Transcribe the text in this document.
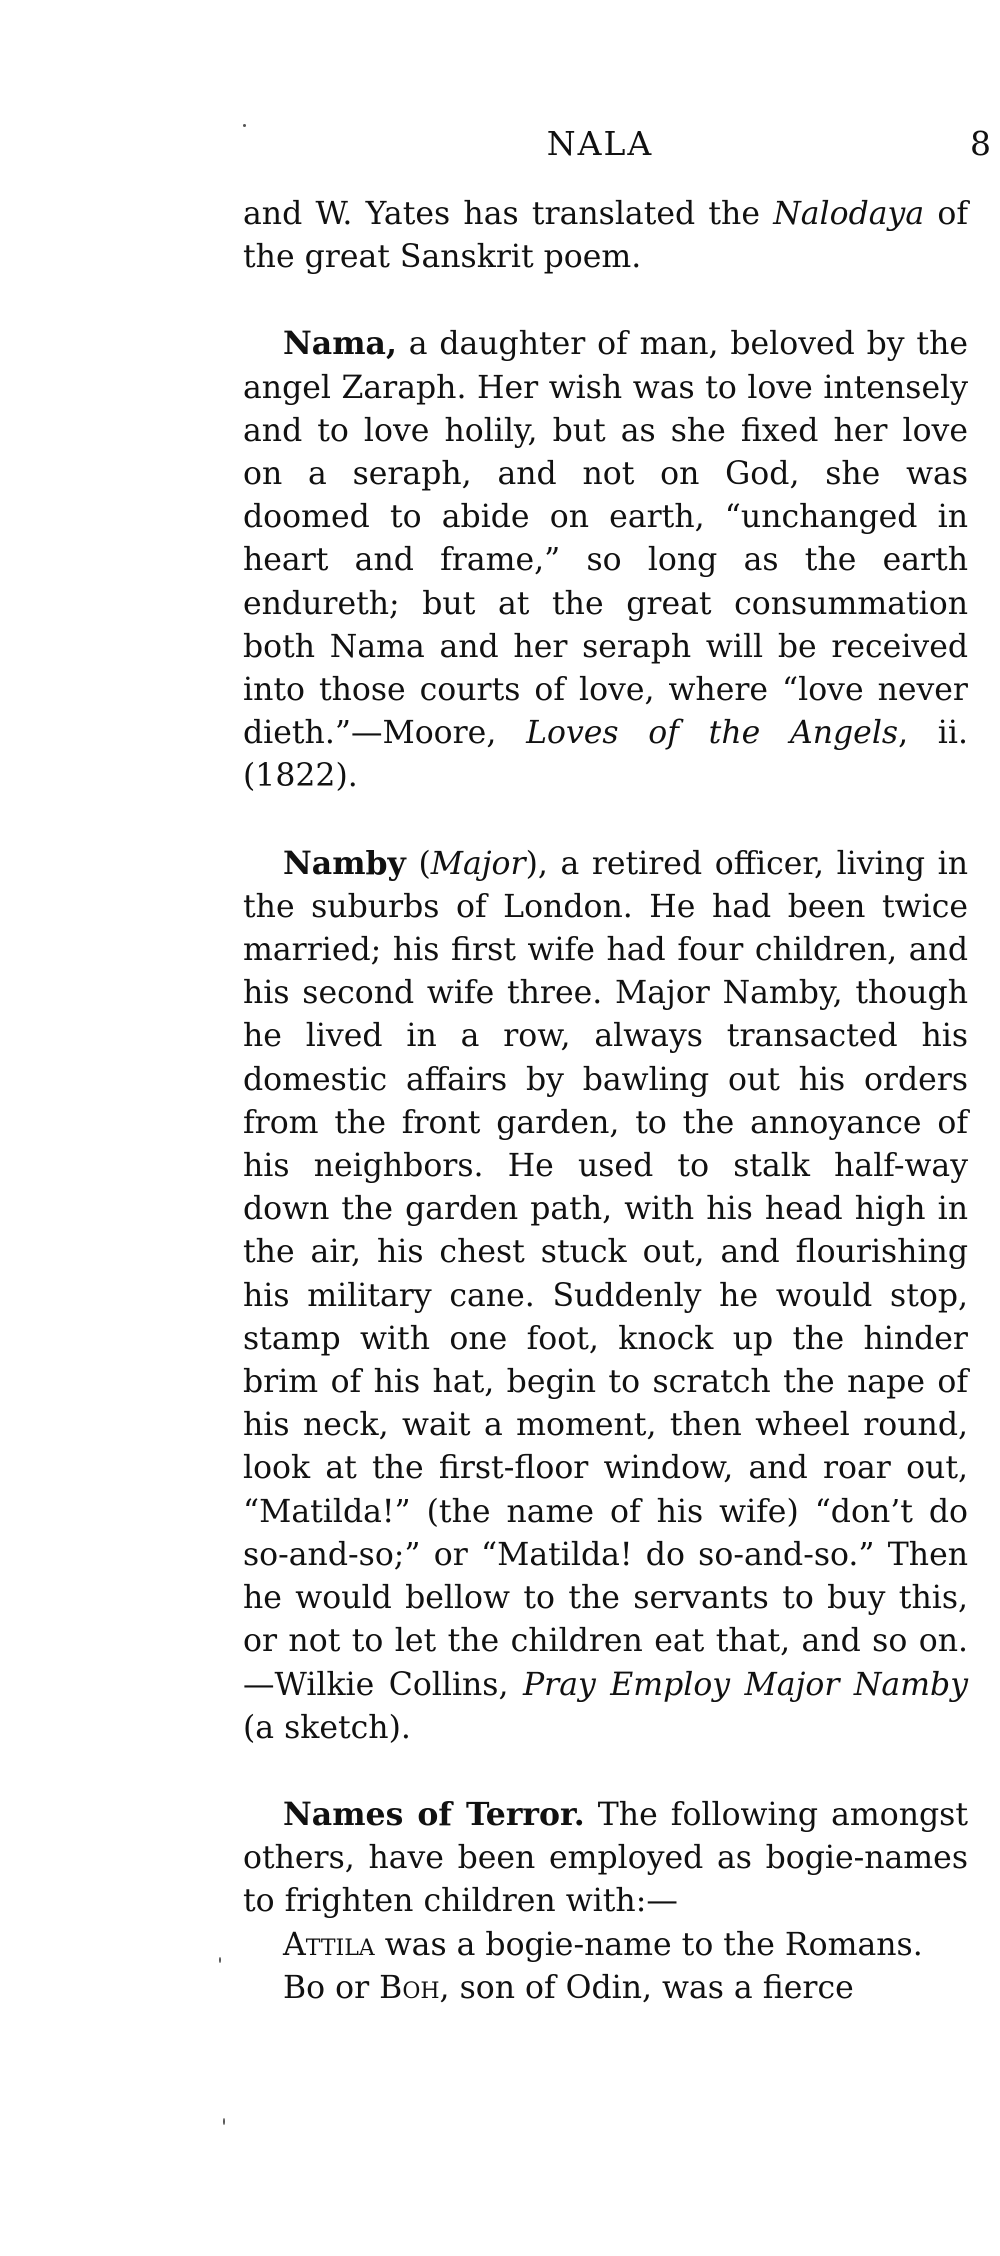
NALA	8

and W. Yates has translated the Nalodaya of the great Sanskrit poem.

Nama, a daughter of man, beloved by the angel Zaraph. Her wish was to love intensely and to love holily, but as she fixed her love on a seraph, and not on God, she was doomed to abide on earth, “unchanged in heart and frame,” so long as the earth endureth; but at the great consummation both Nama and her seraph will be received into those courts of love, where “love never dieth.”—Moore, Loves of the Angels, ii. (1822).

Namby (Major), a retired officer, living in the suburbs of London. He had been twice married; his first wife had four children, and his second wife three. Major Namby, though he lived in a row, always transacted his domestic affairs by bawling out his orders from the front garden, to the annoyance of his neighbors. He used to stalk half-way down the garden path, with his head high in the air, his chest stuck out, and flourishing his military cane. Suddenly he would stop, stamp with one foot, knock up the hinder brim of his hat, begin to scratch the nape of his neck, wait a moment, then wheel round, look at the first-floor window, and roar out, “Matilda!” (the name of his wife) “don’t do so-and-so;” or “Matilda! do so-and-so.” Then he would bellow to the servants to buy this, or not to let the children eat that, and so on.—Wilkie Collins, Pray Employ Major Namby (a sketch).

Names of Terror. The following amongst others, have been employed as bogie-names to frighten children with:—

Attila was a bogie-name to the Romans.

Bo or Boh, son of Odin, was a fierce
